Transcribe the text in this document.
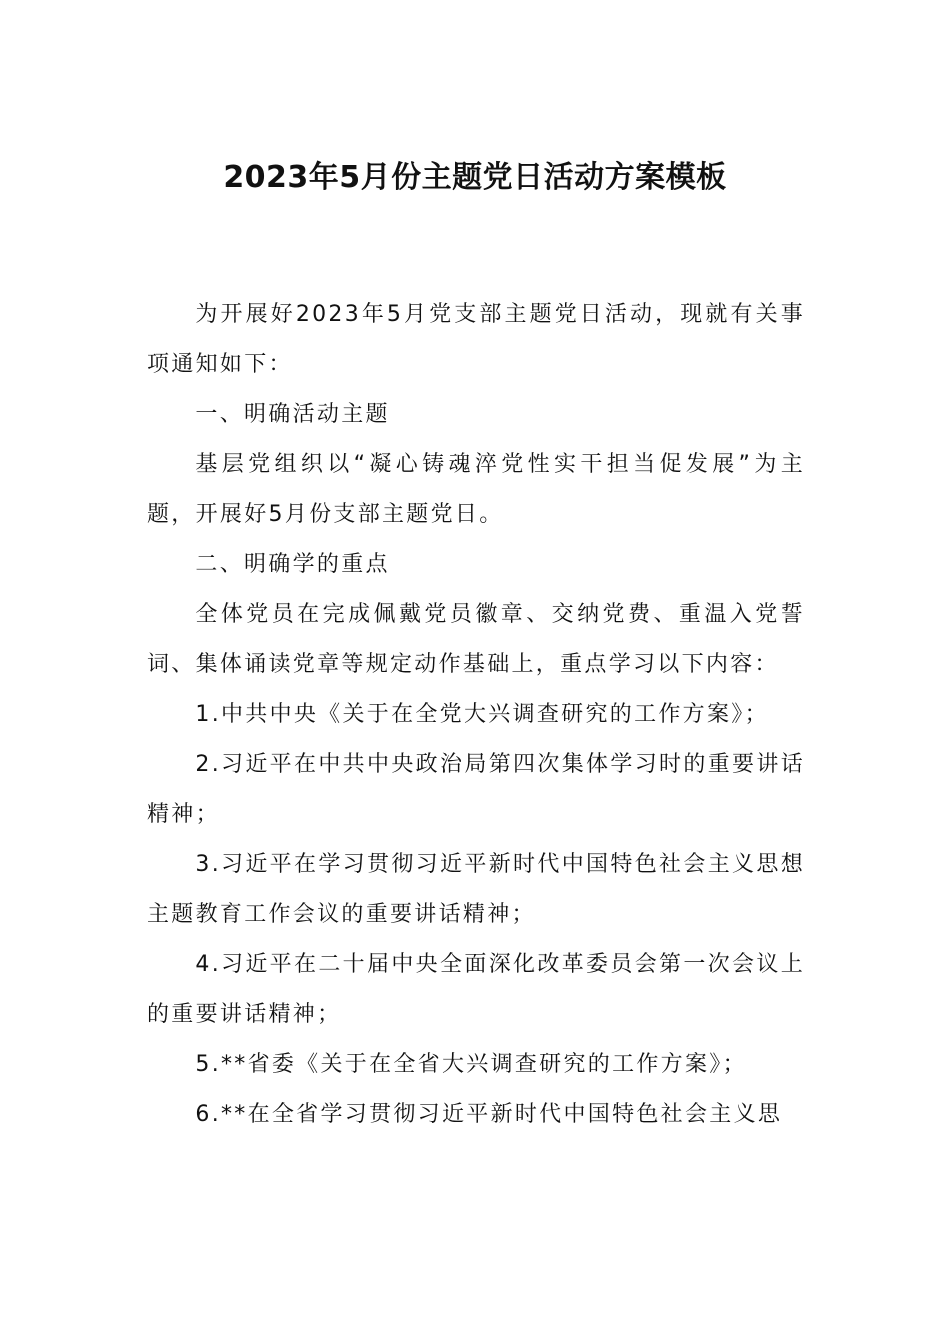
2023年5月份主题党日活动方案模板

为开展好2023年5月党支部主题党日活动，现就有关事项通知如下：

一、明确活动主题

基层党组织以“凝心铸魂淬党性实干担当促发展”为主题，开展好5月份支部主题党日。

二、明确学的重点

全体党员在完成佩戴党员徽章、交纳党费、重温入党誓词、集体诵读党章等规定动作基础上，重点学习以下内容：

1.中共中央《关于在全党大兴调查研究的工作方案》；

2.习近平在中共中央政治局第四次集体学习时的重要讲话精神；

3.习近平在学习贯彻习近平新时代中国特色社会主义思想主题教育工作会议的重要讲话精神；

4.习近平在二十届中央全面深化改革委员会第一次会议上的重要讲话精神；

5.**省委《关于在全省大兴调查研究的工作方案》；

6.**在全省学习贯彻习近平新时代中国特色社会主义思
